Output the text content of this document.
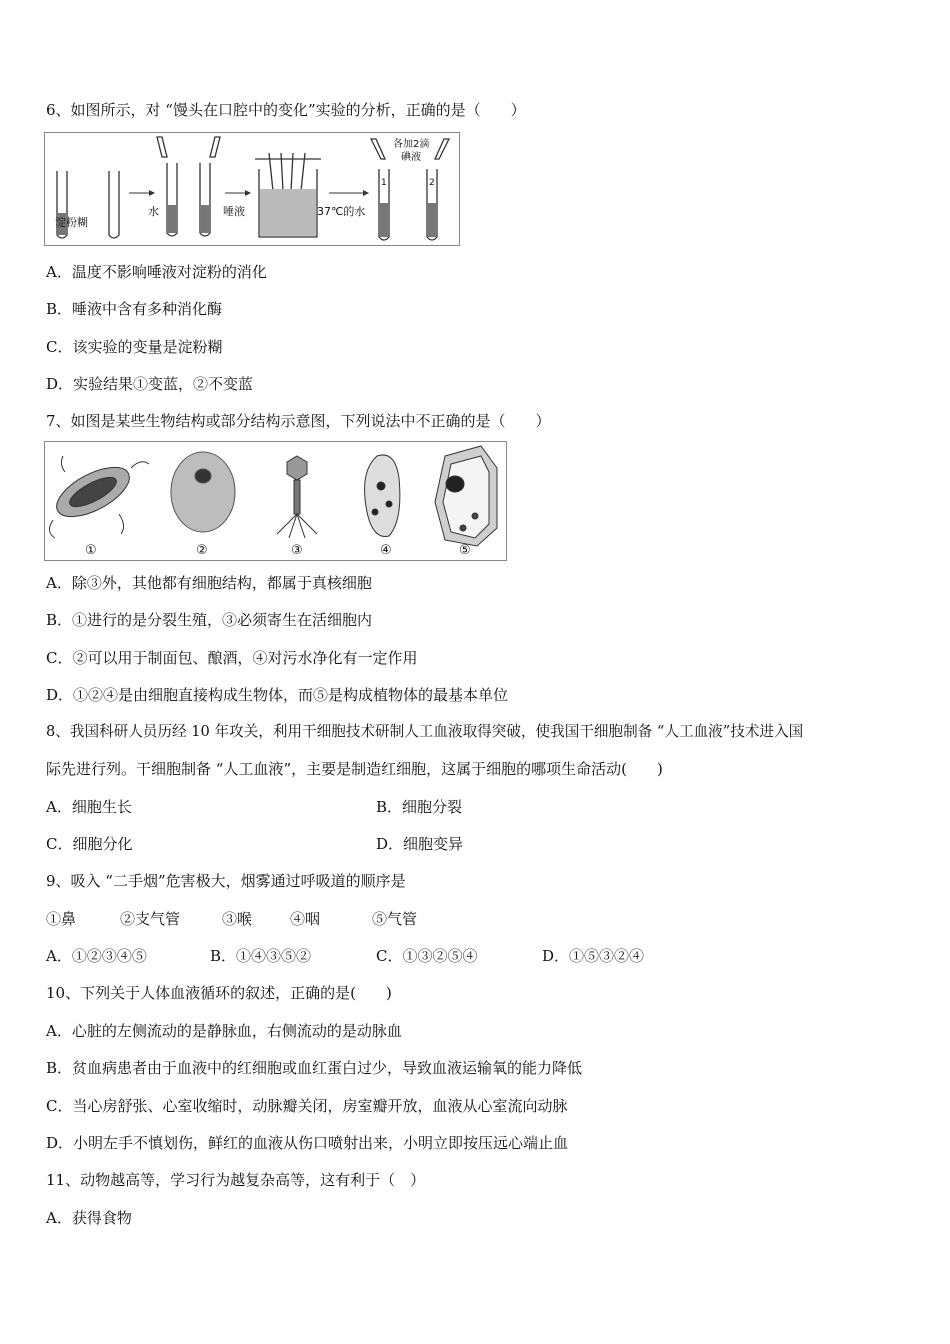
6、如图所示，对 “馒头在口腔中的变化”实验的分析，正确的是（　　）
淀粉糊
水	唾液	37℃的水
各加2滴
碘液
1	2
A．温度不影响唾液对淀粉的消化
B．唾液中含有多种消化酶
C．该实验的变量是淀粉糊
D．实验结果①变蓝，②不变蓝
7、如图是某些生物结构或部分结构示意图，下列说法中不正确的是（　　）
①	②	③	④	⑤
A．除③外，其他都有细胞结构，都属于真核细胞
B．①进行的是分裂生殖，③必须寄生在活细胞内
C．②可以用于制面包、酿酒，④对污水净化有一定作用
D．①②④是由细胞直接构成生物体，而⑤是构成植物体的最基本单位
8、我国科研人员历经 10 年攻关，利用干细胞技术研制人工血液取得突破，使我国干细胞制备 “人工血液”技术进入国
际先进行列。干细胞制备 “人工血液”，主要是制造红细胞，这属于细胞的哪项生命活动(　　)
A．细胞生长	B．细胞分裂
C．细胞分化	D．细胞变异
9、吸入 “二手烟”危害极大，烟雾通过呼吸道的顺序是
①鼻	②支气管	③喉	④咽	⑤气管
A．①②③④⑤	B．①④③⑤②	C．①③②⑤④	D．①⑤③②④
10、下列关于人体血液循环的叙述，正确的是(　　)
A．心脏的左侧流动的是静脉血，右侧流动的是动脉血
B．贫血病患者由于血液中的红细胞或血红蛋白过少，导致血液运输氧的能力降低
C．当心房舒张、心室收缩时，动脉瓣关闭，房室瓣开放，血液从心室流向动脉
D．小明左手不慎划伤，鲜红的血液从伤口喷射出来，小明立即按压远心端止血
11、动物越高等，学习行为越复杂高等，这有利于（　）
A．获得食物
